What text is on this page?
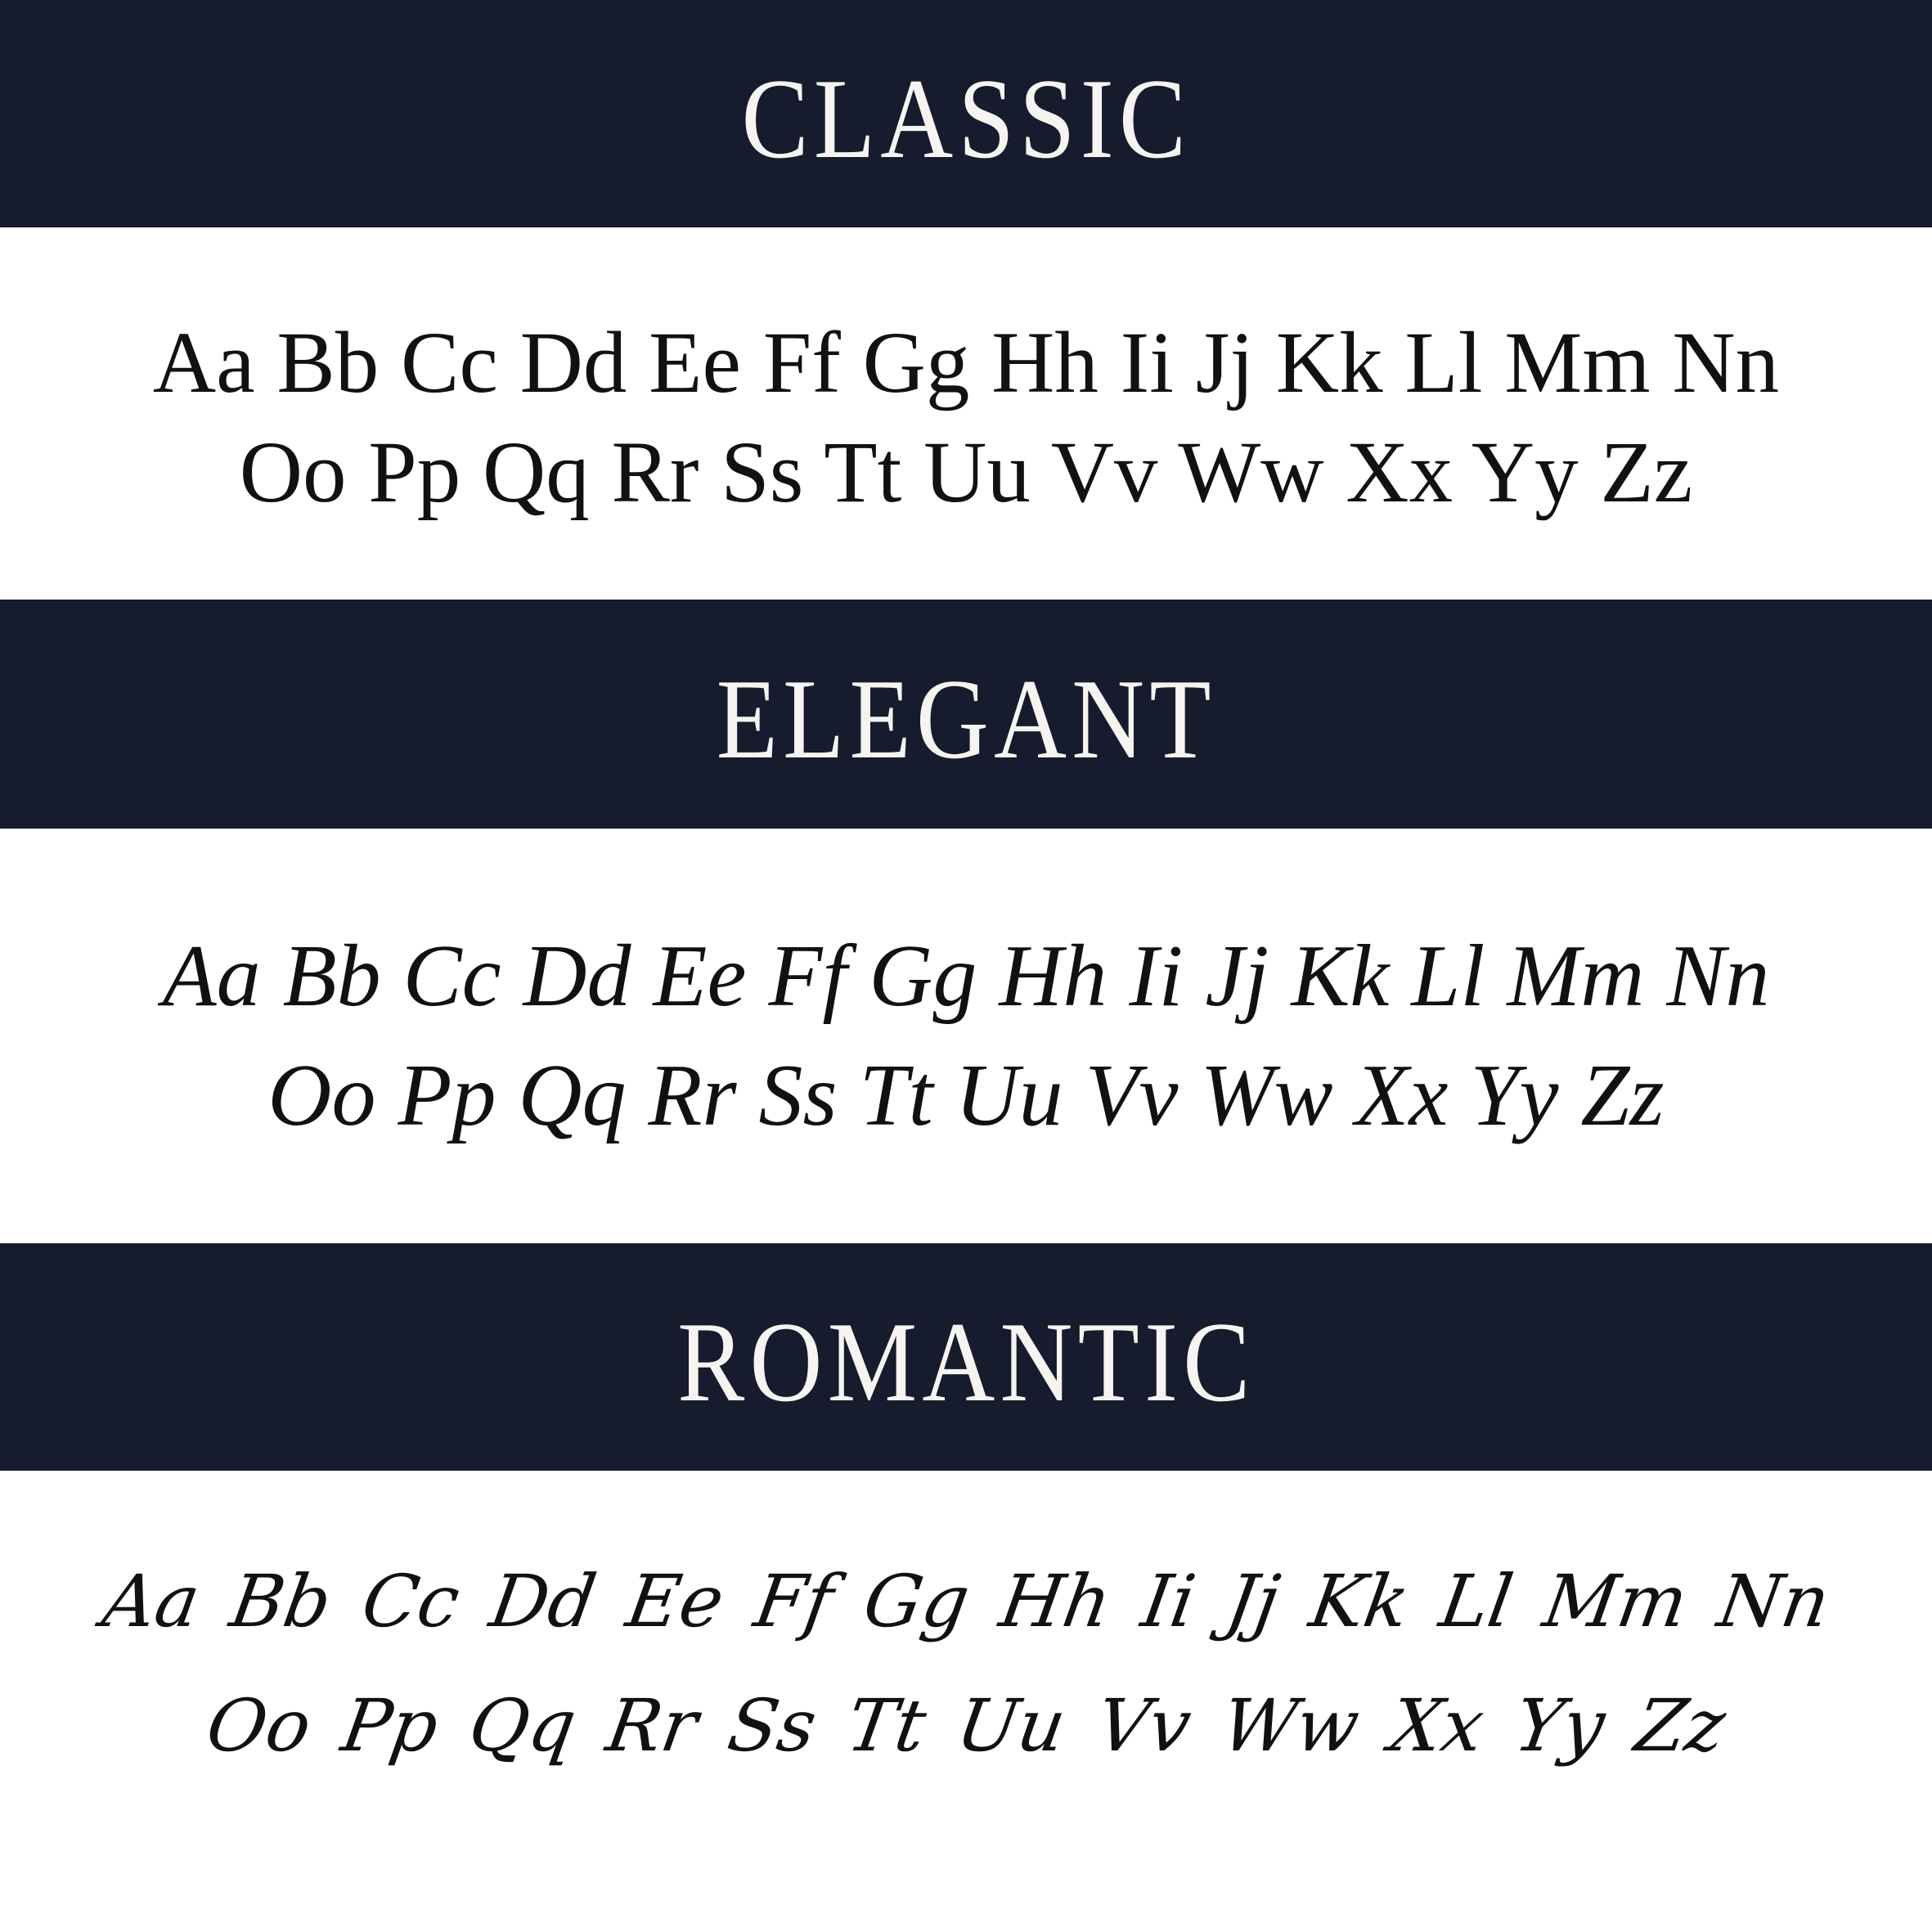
CLASSIC

Aa Bb Cc Dd Ee Ff Gg Hh Ii Jj Kk Ll Mm Nn

Oo Pp Qq Rr Ss Tt Uu Vv Ww Xx Yy Zz

ELEGANT

Aa Bb Cc Dd Ee Ff Gg Hh Ii Jj Kk Ll Mm Nn

Oo Pp Qq Rr Ss Tt Uu Vv Ww Xx Yy Zz

ROMANTIC

Aa Bb Cc Dd Ee Ff Gg Hh Ii Jj Kk Ll Mm Nn

Oo Pp Qq Rr Ss Tt Uu Vv Ww Xx Yy Zz
